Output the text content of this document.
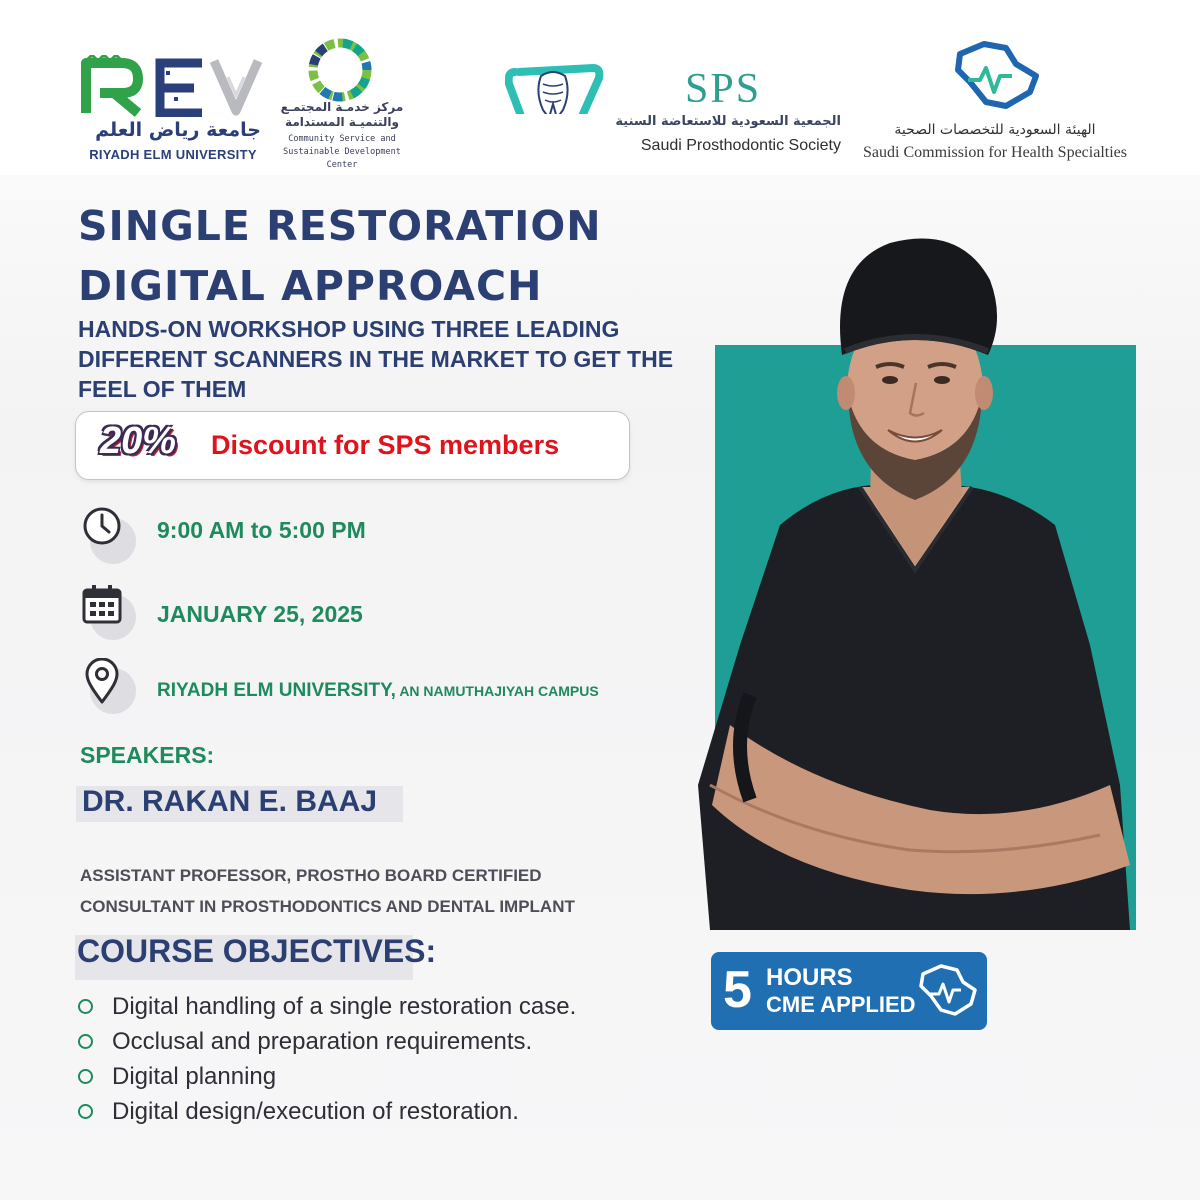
جامعة رياض العلم
RIYADH ELM UNIVERSITY
مركز خدمـة المجتمـع
والتنميـة المستدامة
Community Service and
Sustainable Development Center
SPS
الجمعية السعودية للاستعاضة السنية
Saudi Prosthodontic Society
الهيئة السعودية للتخصصات الصحية
Saudi Commission for Health Specialties
SINGLE RESTORATION
DIGITAL APPROACH

HANDS-ON WORKSHOP USING THREE LEADING DIFFERENT SCANNERS IN THE MARKET TO GET THE FEEL OF THEM

20% Discount for SPS members
9:00 AM to 5:00 PM
JANUARY 25, 2025
RIYADH ELM UNIVERSITY, AN NAMUTHAJIYAH CAMPUS
SPEAKERS:
DR. RAKAN E. BAAJ
ASSISTANT PROFESSOR, PROSTHO BOARD CERTIFIED
CONSULTANT IN PROSTHODONTICS AND DENTAL IMPLANT
COURSE OBJECTIVES:
Digital handling of a single restoration case.
Occlusal and preparation requirements.
Digital planning
Digital design/execution of restoration.
5 HOURS
CME APPLIED
